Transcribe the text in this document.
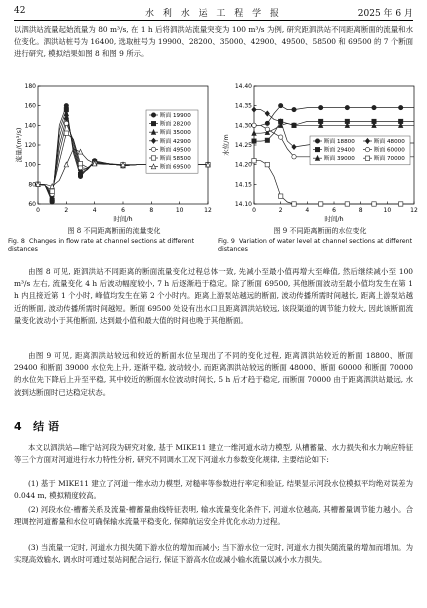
42	水 利 水 运 工 程 学 报	2025 年 6 月
以泗洪站流量起始流量为 80 m³/s, 在 1 h 后将泗洪站流量突变为 100 m³/s 为例, 研究距泗洪站不同距离断面的流量和水位变化。泗洪站桩号为 16400, 选取桩号为 19900、28200、35000、42900、49500、58500 和 69500 的 7 个断面进行研究, 模拟结果如图 8 和图 9 所示。
0	2	4	6	8	10	12
60
80
100
120
140
160
180
时间/h
流量/(m³/s)
断面 19900
断面 28200
断面 35000
断面 42900
断面 49500
断面 58500
断面 69500
0	2	4	6	8	10	12
14.10
14.15
14.20
14.25
14.30
14.35
14.40
时间/h
水位/m	断面 18800
断面 29400
断面 39000
断面 48000
断面 60000
断面 70000
图 8 不同距离断面的流量变化	图 9 不同距离断面的水位变化
Fig. 8 Changes in flow rate at channel sections at different distances
Fig. 9 Variation of water level at channel sections at different distances
由图 8 可见, 距泗洪站不同距离的断面流量变化过程总体一致, 先减小至最小值再增大至峰值, 然后继续减小至 100 m³/s 左右, 流量变化 4 h 后波动幅度较小, 7 h 后逐渐趋于稳定。除了断面 69500, 其他断面波动至最小值均发生在第 1 h 内且接近第 1 个小时, 峰值均发生在第 2 个小时内。距离上游泵站越远的断面, 波动传播所需时间越长, 距离上游泵站越近的断面, 波动传播所需时间越短。断面 69500 处设有出水口且距离泗洪站较远, 该段渠道的调节能力较大, 因此该断面流量变化波动小于其他断面, 达到最小值和最大值的时间也晚于其他断面。
由图 9 可见, 距离泗洪站较远和较近的断面水位呈现出了不同的变化过程, 距离泗洪站较近的断面 18800、断面 29400 和断面 39000 水位先上升, 逐渐平稳, 波动较小, 而距离泗洪站较远的断面 48000、断面 60000 和断面 70000 的水位先下降后上升至平稳, 其中较近的断面水位波动时间长, 5 h 后才趋于稳定, 而断面 70000 由于距离泗洪站最远, 水波到达断面时已达稳定状态。
4 结 语
本文以泗洪站—睢宁站河段为研究对象, 基于 MIKE11 建立一维河道水动力模型, 从槽蓄量、水力损失和水力响应特征等三个方面对河道进行水力特性分析, 研究不同调水工况下河道水力参数变化规律, 主要结论如下:
(1) 基于 MIKE11 建立了河道一维水动力模型, 对糙率等参数进行率定和验证, 结果显示河段水位模拟平均绝对误差为 0.044 m, 模拟精度较高。
(2) 河段水位-槽蓄关系及流量-槽蓄量曲线特征表明, 输水流量变化条件下, 河道水位越高, 其槽蓄量调节能力越小。合理调控河道蓄量和水位可确保输水流量平稳变化, 保障航运安全并优化水动力过程。
(3) 当流量一定时, 河道水力损失随下游水位的增加而减小; 当下游水位一定时, 河道水力损失随流量的增加而增加。为实现高效输水, 调水时可通过泵站间配合运行, 保证下游高水位或减小输水流量以减小水力损失。
